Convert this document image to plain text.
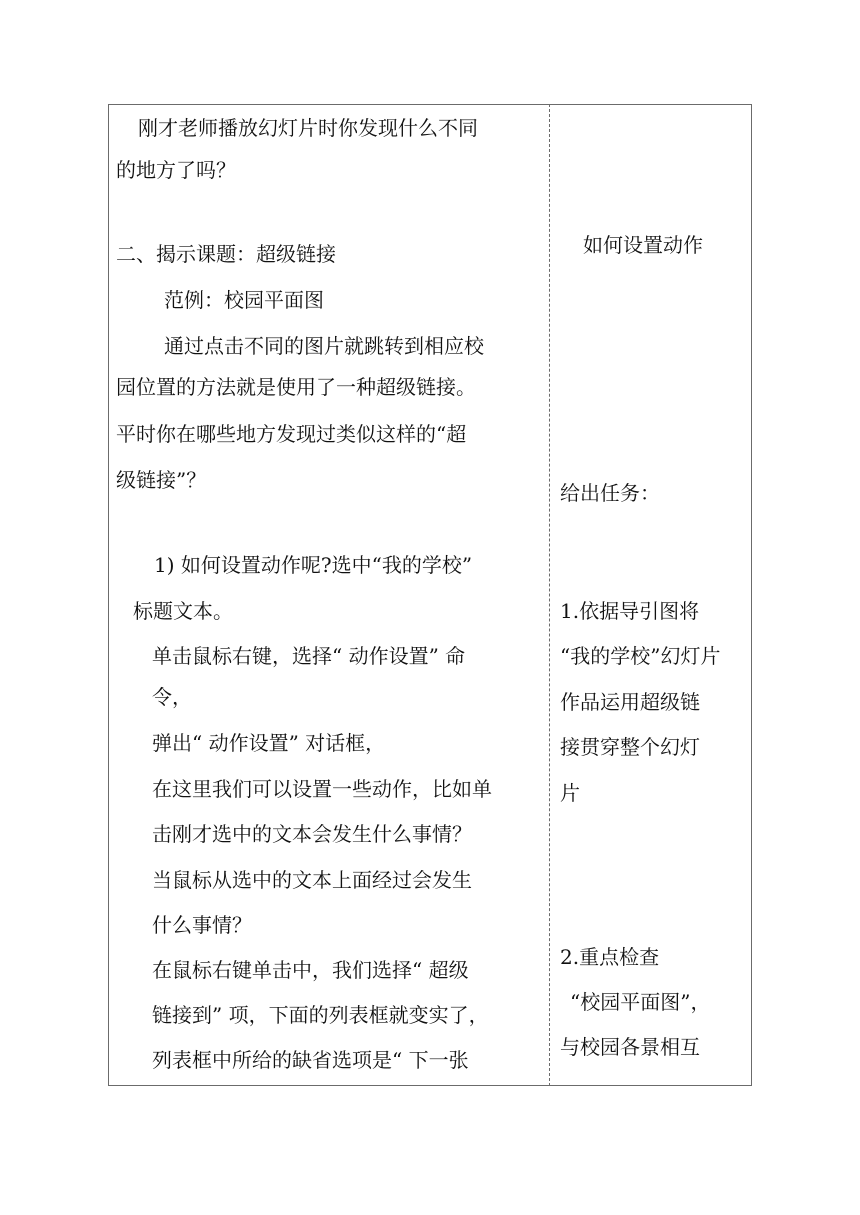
刚才老师播放幻灯片时你发现什么不同
的地方了吗？
二、揭示课题：超级链接
范例：校园平面图
通过点击不同的图片就跳转到相应校
园位置的方法就是使用了一种超级链接。
平时你在哪些地方发现过类似这样的“超
级链接”？
1) 如何设置动作呢?选中“我的学校”
标题文本。
单击鼠标右键，选择“ 动作设置” 命
令，
弹出“ 动作设置” 对话框，
在这里我们可以设置一些动作，比如单
击刚才选中的文本会发生什么事情？
当鼠标从选中的文本上面经过会发生
什么事情？
在鼠标右键单击中，我们选择“ 超级
链接到” 项，下面的列表框就变实了，
列表框中所给的缺省选项是“ 下一张
如何设置动作
给出任务：
1.依据导引图将
“我的学校”幻灯片
作品运用超级链
接贯穿整个幻灯
片
2.重点检查
“校园平面图”，
与校园各景相互
